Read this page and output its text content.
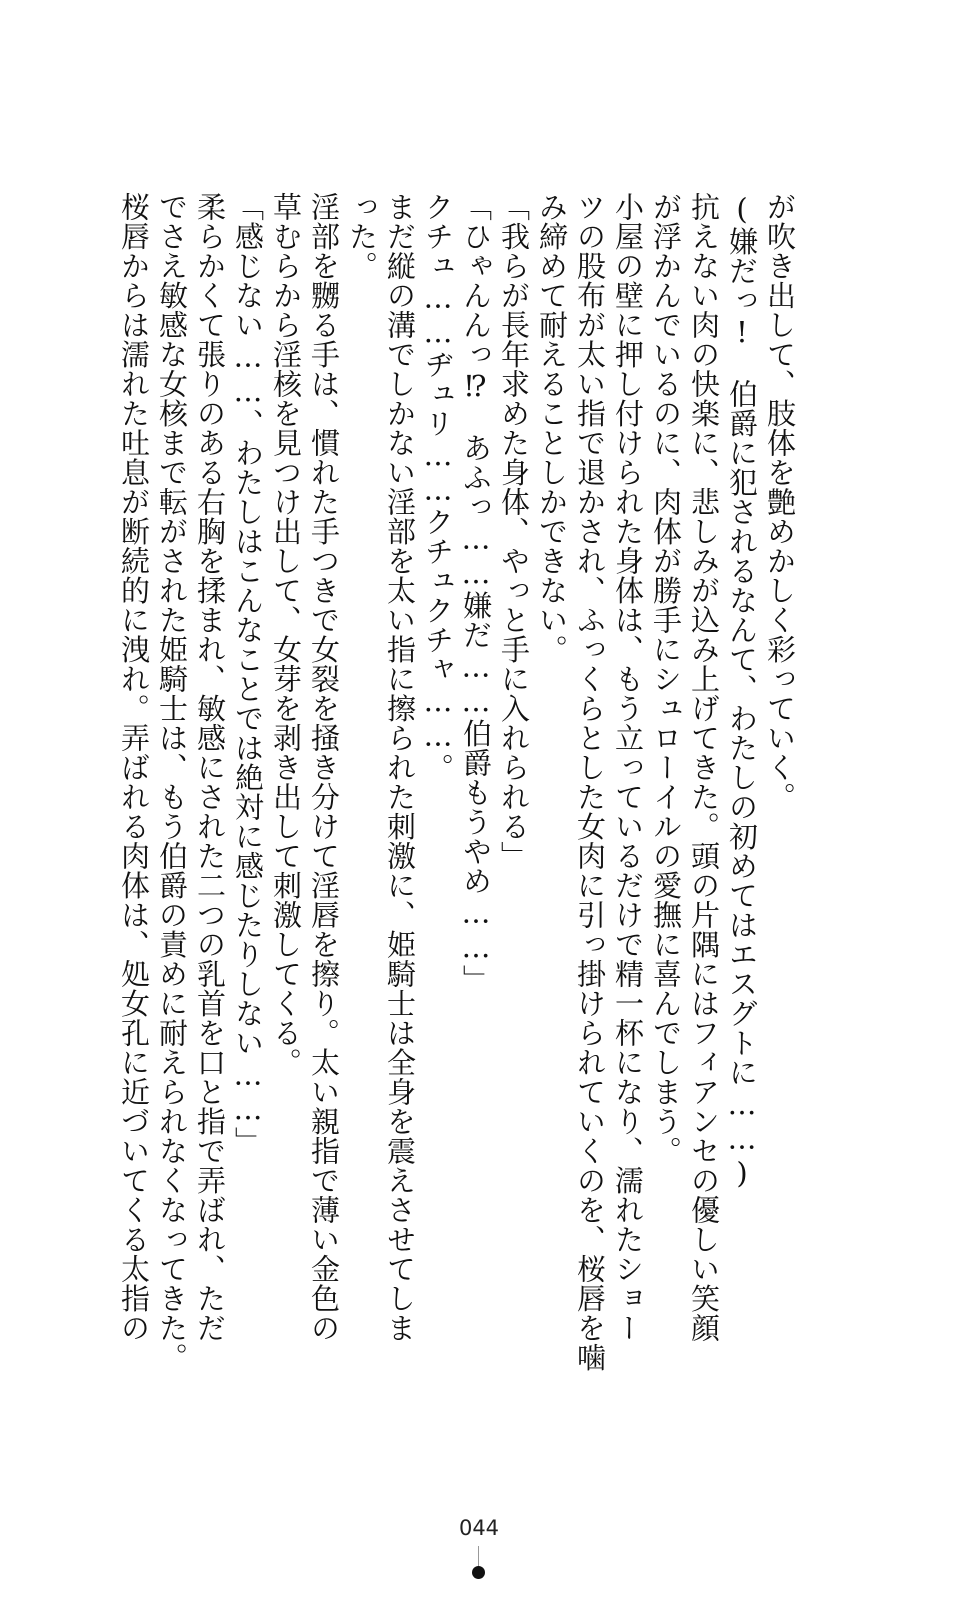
が吹き出して、肢体を艶めかしく彩っていく。
(嫌だっ!　伯爵に犯されるなんて、わたしの初めてはエスグトに……)
抗えない肉の快楽に、悲しみが込み上げてきた。頭の片隅にはフィアンセの優しい笑顔
が浮かんでいるのに、肉体が勝手にシュローイルの愛撫に喜んでしまう。
小屋の壁に押し付けられた身体は、もう立っているだけで精一杯になり、濡れたショー
ツの股布が太い指で退かされ、ふっくらとした女肉に引っ掛けられていくのを、桜唇を噛
み締めて耐えることしかできない。
「我らが長年求めた身体、やっと手に入れられる」
「ひゃんんっ⁉　あふっ……嫌だ……伯爵もうやめ……」
クチュ……ヂュリ……クチュクチャ……。
まだ縦の溝でしかない淫部を太い指に擦られた刺激に、姫騎士は全身を震えさせてしま
った。
淫部を嬲る手は、慣れた手つきで女裂を掻き分けて淫唇を擦り。太い親指で薄い金色の
草むらから淫核を見つけ出して、女芽を剥き出して刺激してくる。
「感じない……、わたしはこんなことでは絶対に感じたりしない……」
柔らかくて張りのある右胸を揉まれ、敏感にされた二つの乳首を口と指で弄ばれ、ただ
でさえ敏感な女核まで転がされた姫騎士は、もう伯爵の責めに耐えられなくなってきた。
桜唇からは濡れた吐息が断続的に洩れ。弄ばれる肉体は、処女孔に近づいてくる太指の
044
